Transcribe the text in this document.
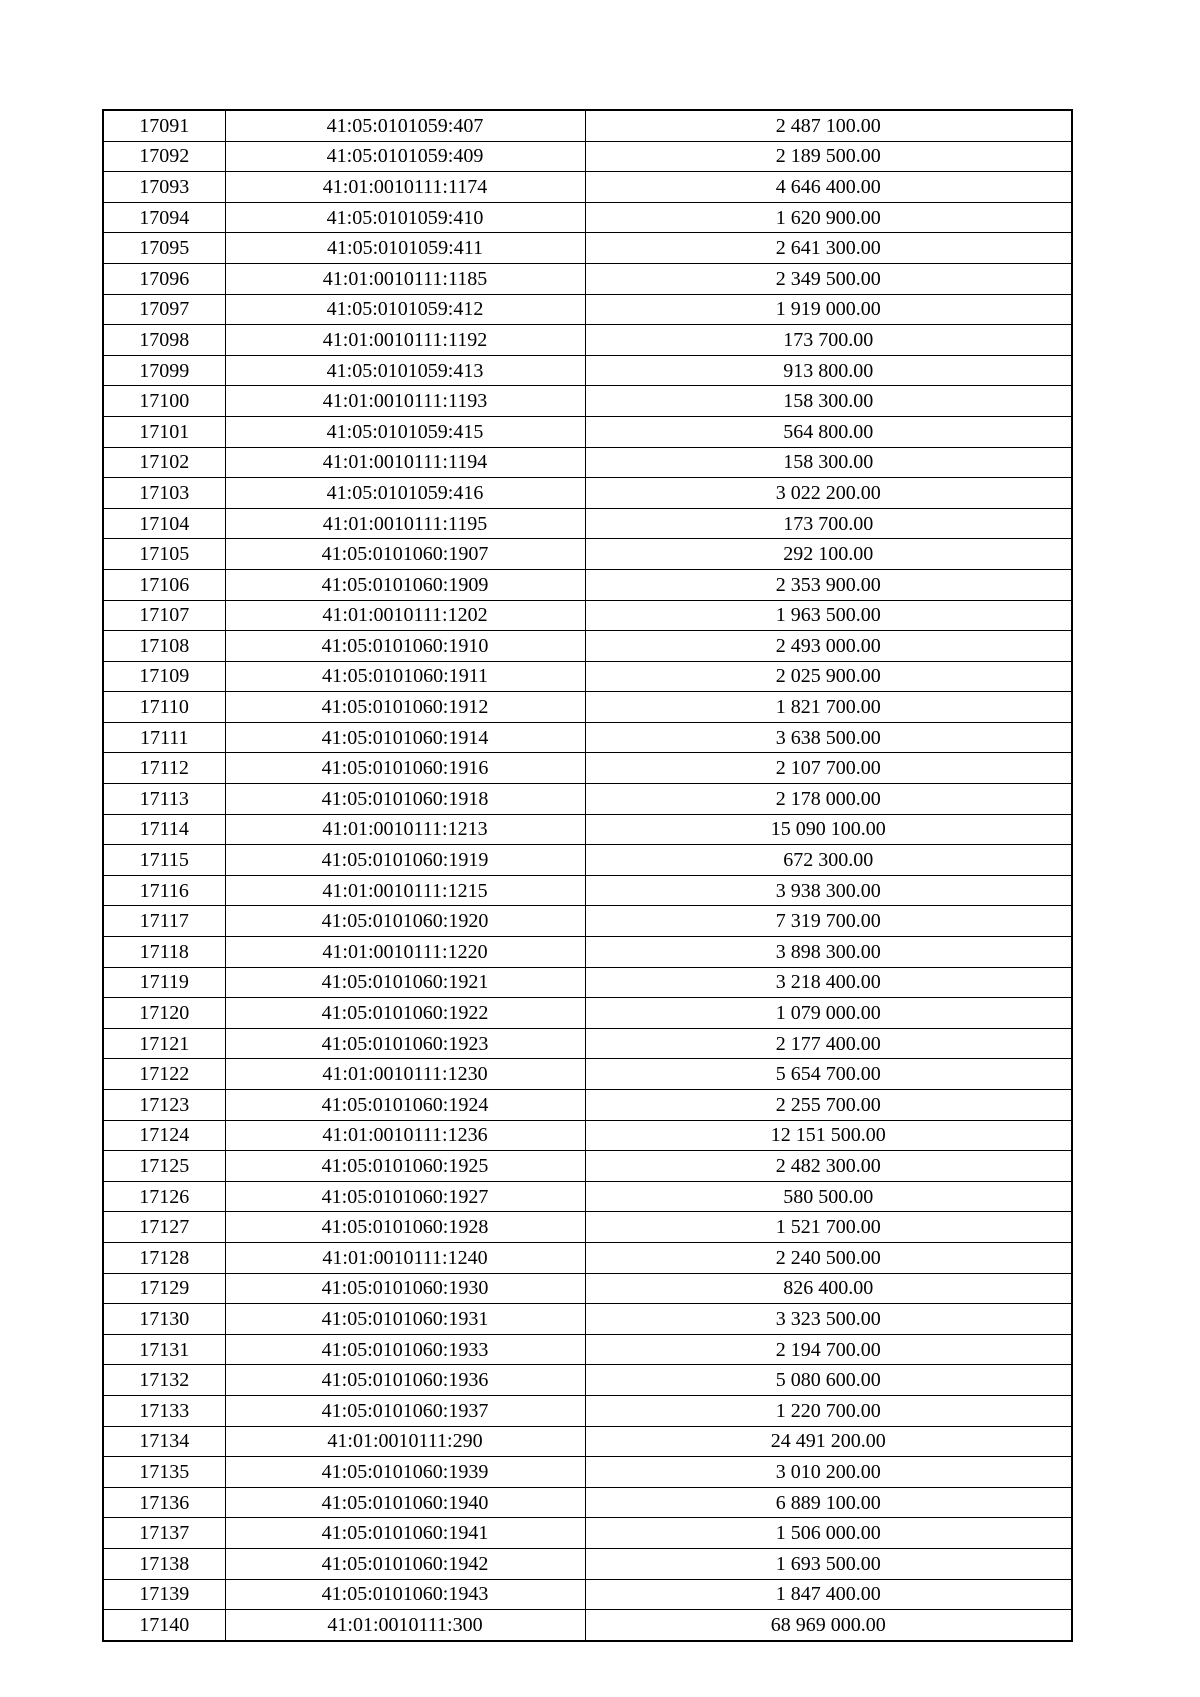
17091	41:05:0101059:407	2 487 100.00
17092	41:05:0101059:409	2 189 500.00
17093	41:01:0010111:1174	4 646 400.00
17094	41:05:0101059:410	1 620 900.00
17095	41:05:0101059:411	2 641 300.00
17096	41:01:0010111:1185	2 349 500.00
17097	41:05:0101059:412	1 919 000.00
17098	41:01:0010111:1192	173 700.00
17099	41:05:0101059:413	913 800.00
17100	41:01:0010111:1193	158 300.00
17101	41:05:0101059:415	564 800.00
17102	41:01:0010111:1194	158 300.00
17103	41:05:0101059:416	3 022 200.00
17104	41:01:0010111:1195	173 700.00
17105	41:05:0101060:1907	292 100.00
17106	41:05:0101060:1909	2 353 900.00
17107	41:01:0010111:1202	1 963 500.00
17108	41:05:0101060:1910	2 493 000.00
17109	41:05:0101060:1911	2 025 900.00
17110	41:05:0101060:1912	1 821 700.00
17111	41:05:0101060:1914	3 638 500.00
17112	41:05:0101060:1916	2 107 700.00
17113	41:05:0101060:1918	2 178 000.00
17114	41:01:0010111:1213	15 090 100.00
17115	41:05:0101060:1919	672 300.00
17116	41:01:0010111:1215	3 938 300.00
17117	41:05:0101060:1920	7 319 700.00
17118	41:01:0010111:1220	3 898 300.00
17119	41:05:0101060:1921	3 218 400.00
17120	41:05:0101060:1922	1 079 000.00
17121	41:05:0101060:1923	2 177 400.00
17122	41:01:0010111:1230	5 654 700.00
17123	41:05:0101060:1924	2 255 700.00
17124	41:01:0010111:1236	12 151 500.00
17125	41:05:0101060:1925	2 482 300.00
17126	41:05:0101060:1927	580 500.00
17127	41:05:0101060:1928	1 521 700.00
17128	41:01:0010111:1240	2 240 500.00
17129	41:05:0101060:1930	826 400.00
17130	41:05:0101060:1931	3 323 500.00
17131	41:05:0101060:1933	2 194 700.00
17132	41:05:0101060:1936	5 080 600.00
17133	41:05:0101060:1937	1 220 700.00
17134	41:01:0010111:290	24 491 200.00
17135	41:05:0101060:1939	3 010 200.00
17136	41:05:0101060:1940	6 889 100.00
17137	41:05:0101060:1941	1 506 000.00
17138	41:05:0101060:1942	1 693 500.00
17139	41:05:0101060:1943	1 847 400.00
17140	41:01:0010111:300	68 969 000.00
